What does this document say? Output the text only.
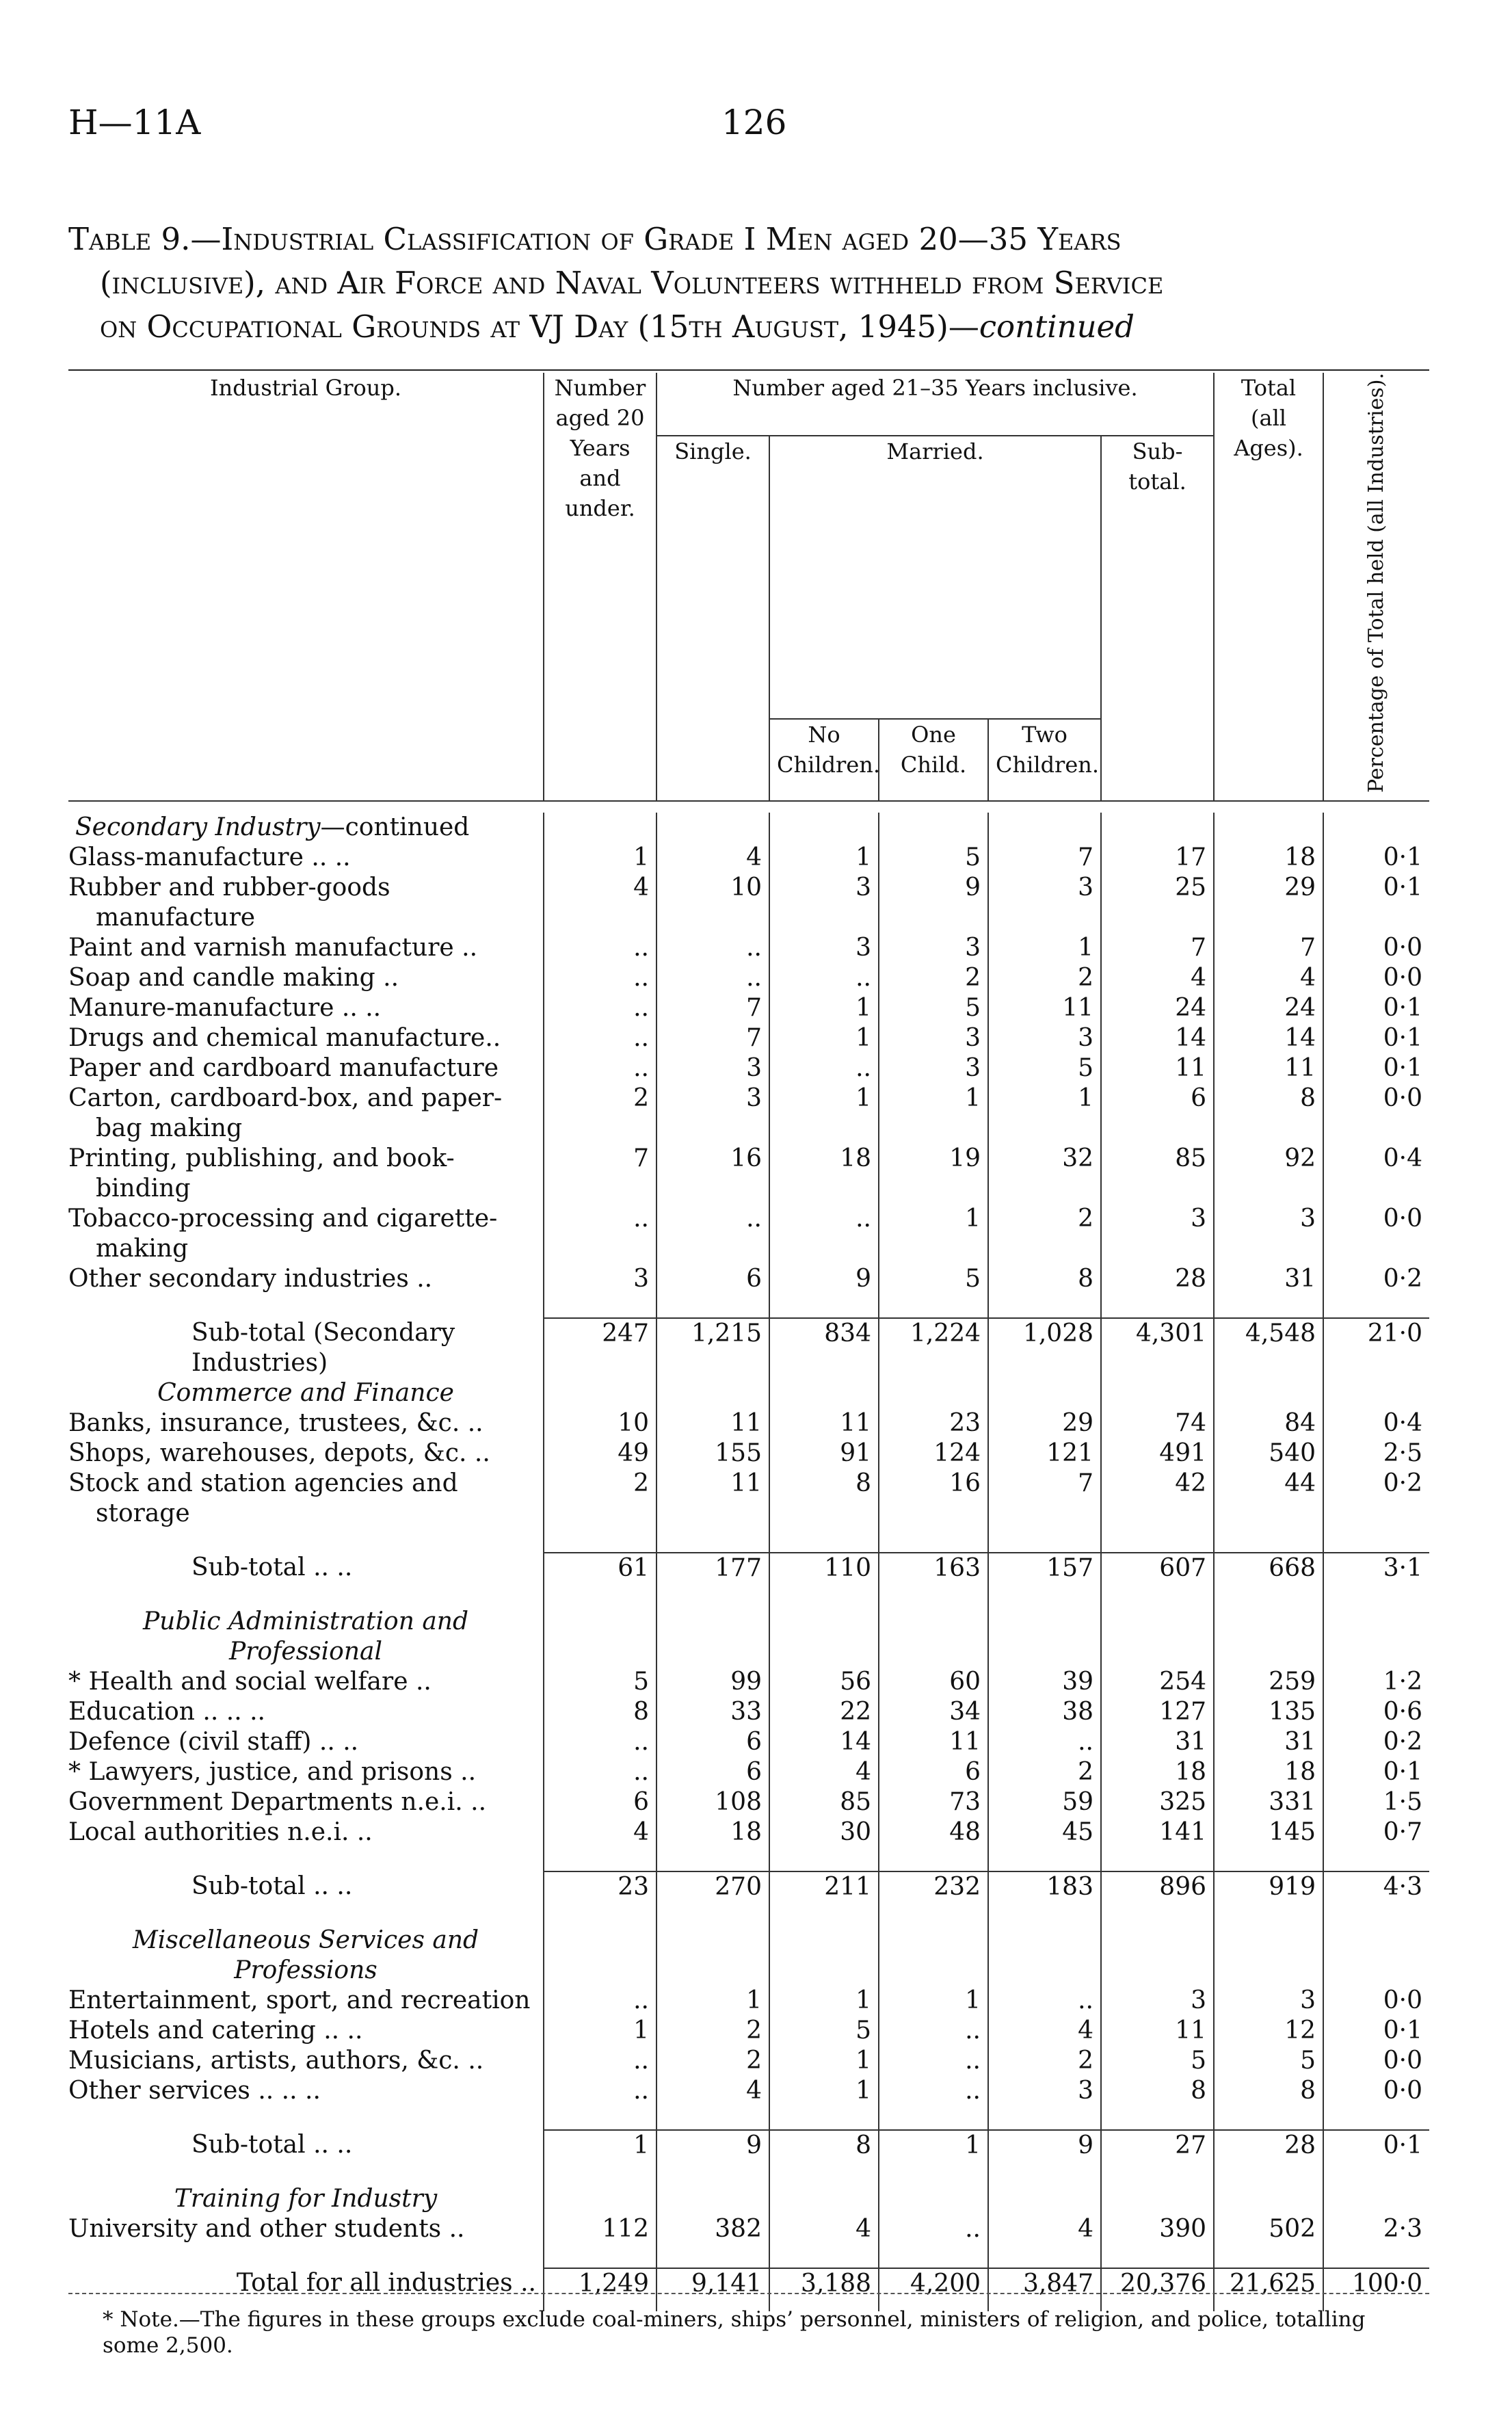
H—11A	126
Table 9.—Industrial Classification of Grade I Men aged 20—35 Years
(inclusive), and Air Force and Naval Volunteers withheld from Service
on Occupational Grounds at VJ Day (15th August, 1945)—continued
Industrial Group.	Number aged 20 Years and under.	Number aged 21–35 Years inclusive.					Total (all Ages).	Percentage of Total held (all Industries).
		Single.	Married.			Sub-total.		
			No Children.	One Child.	Two Children.			

Secondary Industry—continued								
Glass-manufacture .. ..	1	4	1	5	7	17	18	0·1
Rubber and rubber-goods manufacture	4	10	3	9	3	25	29	0·1
Paint and varnish manufacture ..	..	..	3	3	1	7	7	0·0
Soap and candle making ..	..	..	..	2	2	4	4	0·0
Manure-manufacture .. ..	..	7	1	5	11	24	24	0·1
Drugs and chemical manufacture..	..	7	1	3	3	14	14	0·1
Paper and cardboard manufacture	..	3	..	3	5	11	11	0·1
Carton, cardboard-box, and paper-bag making	2	3	1	1	1	6	8	0·0
Printing, publishing, and book-binding	7	16	18	19	32	85	92	0·4
Tobacco-processing and cigarette-making	..	..	..	1	2	3	3	0·0
Other secondary industries ..	3	6	9	5	8	28	31	0·2

Sub-total (Secondary Industries)	247	1,215	834	1,224	1,028	4,301	4,548	21·0
Commerce and Finance								
Banks, insurance, trustees, &c. ..	10	11	11	23	29	74	84	0·4
Shops, warehouses, depots, &c. ..	49	155	91	124	121	491	540	2·5
Stock and station agencies and storage	2	11	8	16	7	42	44	0·2

Sub-total .. ..	61	177	110	163	157	607	668	3·1

Public Administration and Professional								
* Health and social welfare ..	5	99	56	60	39	254	259	1·2
Education .. .. ..	8	33	22	34	38	127	135	0·6
Defence (civil staff) .. ..	..	6	14	11	..	31	31	0·2
* Lawyers, justice, and prisons ..	..	6	4	6	2	18	18	0·1
Government Departments n.e.i. ..	6	108	85	73	59	325	331	1·5
Local authorities n.e.i. ..	4	18	30	48	45	141	145	0·7

Sub-total .. ..	23	270	211	232	183	896	919	4·3

Miscellaneous Services and Professions								
Entertainment, sport, and recreation	..	1	1	1	..	3	3	0·0
Hotels and catering .. ..	1	2	5	..	4	11	12	0·1
Musicians, artists, authors, &c. ..	..	2	1	..	2	5	5	0·0
Other services .. .. ..	..	4	1	..	3	8	8	0·0

Sub-total .. ..	1	9	8	1	9	27	28	0·1

Training for Industry								
University and other students ..	112	382	4	..	4	390	502	2·3

Total for all industries ..	1,249	9,141	3,188	4,200	3,847	20,376	21,625	100·0

* Note.—The figures in these groups exclude coal-miners, ships’ personnel, ministers of religion, and police, totalling some 2,500.
